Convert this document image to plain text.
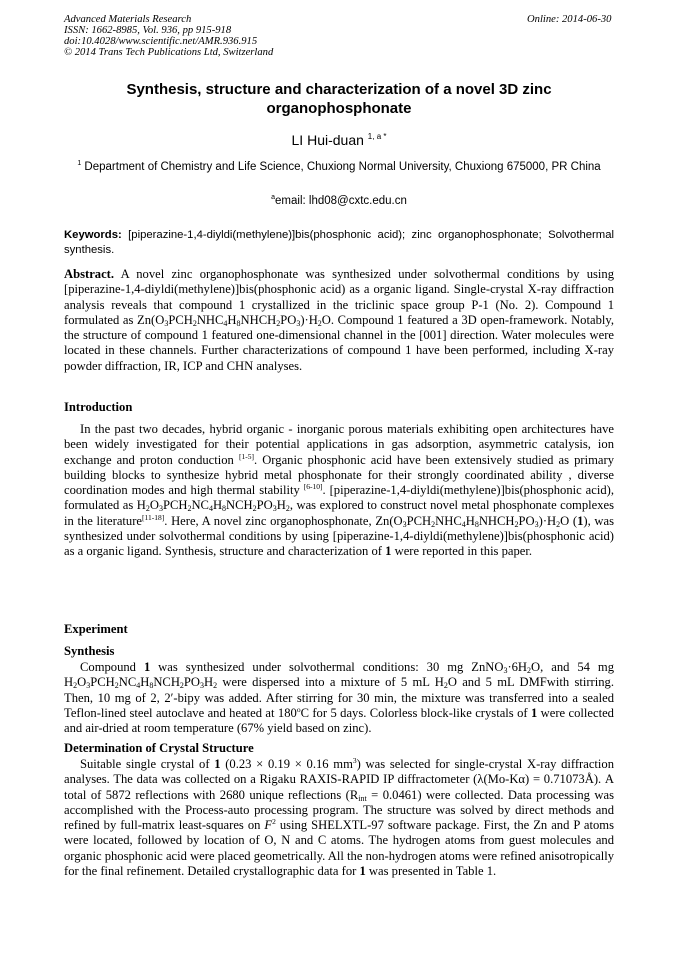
Advanced Materials Research
ISSN: 1662-8985, Vol. 936, pp 915-918
doi:10.4028/www.scientific.net/AMR.936.915
© 2014 Trans Tech Publications Ltd, Switzerland
Online: 2014-06-30
Synthesis, structure and characterization of a novel 3D zinc organophosphonate
LI Hui-duan $^{1, a *}$
$^1$ Department of Chemistry and Life Science, Chuxiong Normal University, Chuxiong 675000, PR China
$^a$email: lhd08@cxtc.edu.cn
Keywords: [piperazine-1,4-diyldi(methylene)]bis(phosphonic acid); zinc organophosphonate; Solvothermal synthesis.
Abstract. A novel zinc organophosphonate was synthesized under solvothermal conditions by using [piperazine-1,4-diyldi(methylene)]bis(phosphonic acid) as a organic ligand. Single-crystal X-ray diffraction analysis reveals that compound 1 crystallized in the triclinic space group P-1 (No. 2). Compound 1 formulated as $Zn(O_3PCH_2NHC_4H_8NHCH_2PO_3)\cdot H_2O$. Compound 1 featured a 3D open-framework. Notably, the structure of compound 1 featured one-dimensional channel in the [001] direction. Water molecules were located in these channels. Further characterizations of compound 1 have been performed, including X-ray powder diffraction, IR, ICP and CHN analyses.
Introduction
In the past two decades, hybrid organic - inorganic porous materials exhibiting open architectures have been widely investigated for their potential applications in gas adsorption, asymmetric catalysis, ion exchange and proton conduction [1-5]. Organic phosphonic acid have been extensively studied as primary building blocks to synthesize hybrid metal phosphonate for their strongly coordinated ability , diverse coordination modes and high thermal stability [6-10]. [piperazine-1,4-diyldi(methylene)]bis(phosphonic acid), formulated as $H_2O_3PCH_2NC_4H_8NCH_2PO_3H_2$, was explored to construct novel metal phosphonate complexes in the literature[11-18]. Here, A novel zinc organophosphonate, $Zn(O_3PCH_2NHC_4H_8NHCH_2PO_3)\cdot H_2O$ (1), was synthesized under solvothermal conditions by using [piperazine-1,4-diyldi(methylene)]bis(phosphonic acid) as a organic ligand. Synthesis, structure and characterization of 1 were reported in this paper.
Experiment
Synthesis
Compound 1 was synthesized under solvothermal conditions: 30 mg $ZnNO_3\cdot 6H_2O$, and 54 mg $H_2O_3PCH_2NC_4H_8NCH_2PO_3H_2$ were dispersed into a mixture of 5 mL $H_2O$ and 5 mL DMFwith stirring. Then, 10 mg of 2, 2′-bipy was added. After stirring for 30 min, the mixture was transferred into a sealed Teflon-lined steel autoclave and heated at 180$^o$C for 5 days. Colorless block-like crystals of 1 were collected and air-dried at room temperature (67% yield based on zinc).
Determination of Crystal Structure
Suitable single crystal of 1 (0.23 × 0.19 × 0.16 $mm^3$) was selected for single-crystal X-ray diffraction analyses. The data was collected on a Rigaku RAXIS-RAPID IP diffractometer (λ(Mo-Kα) = 0.71073Å). A total of 5872 reflections with 2680 unique reflections $(R_{int} = 0.0461)$ were collected. Data processing was accomplished with the Process-auto processing program. The structure was solved by direct methods and refined by full-matrix least-squares on $F^2$ using SHELXTL-97 software package. First, the Zn and P atoms were located, followed by location of O, N and C atoms. The hydrogen atoms from guest molecules and organic phosphonic acid were placed geometrically. All the non-hydrogen atoms were refined anisotropically for the final refinement. Detailed crystallographic data for 1 was presented in Table 1.
